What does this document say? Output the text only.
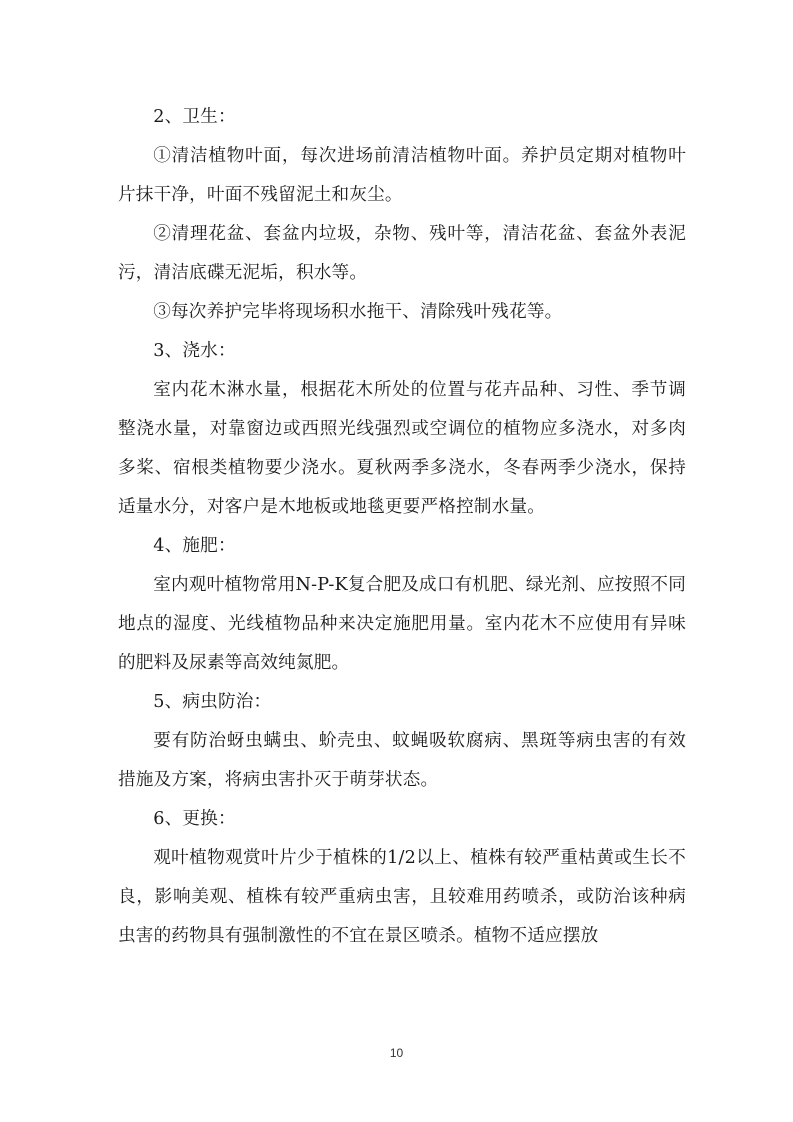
2、卫生：

①清洁植物叶面，每次进场前清洁植物叶面。养护员定期对植物叶片抹干净，叶面不残留泥土和灰尘。

②清理花盆、套盆内垃圾，杂物、残叶等，清洁花盆、套盆外表泥污，清洁底碟无泥垢，积水等。

③每次养护完毕将现场积水拖干、清除残叶残花等。

3、浇水：

室内花木淋水量，根据花木所处的位置与花卉品种、习性、季节调整浇水量，对靠窗边或西照光线强烈或空调位的植物应多浇水，对多肉多桨、宿根类植物要少浇水。夏秋两季多浇水，冬春两季少浇水，保持适量水分，对客户是木地板或地毯更要严格控制水量。

4、施肥：

室内观叶植物常用N-P-K复合肥及成口有机肥、绿光剂、应按照不同地点的湿度、光线植物品种来决定施肥用量。室内花木不应使用有异味的肥料及尿素等高效纯氮肥。

5、病虫防治：

要有防治蚜虫螨虫、蚧壳虫、蚊蝇吸软腐病、黑斑等病虫害的有效措施及方案，将病虫害扑灭于萌芽状态。

6、更换：

观叶植物观赏叶片少于植株的1/2以上、植株有较严重枯黄或生长不良，影响美观、植株有较严重病虫害，且较难用药喷杀，或防治该种病虫害的药物具有强制激性的不宜在景区喷杀。植物不适应摆放

10
